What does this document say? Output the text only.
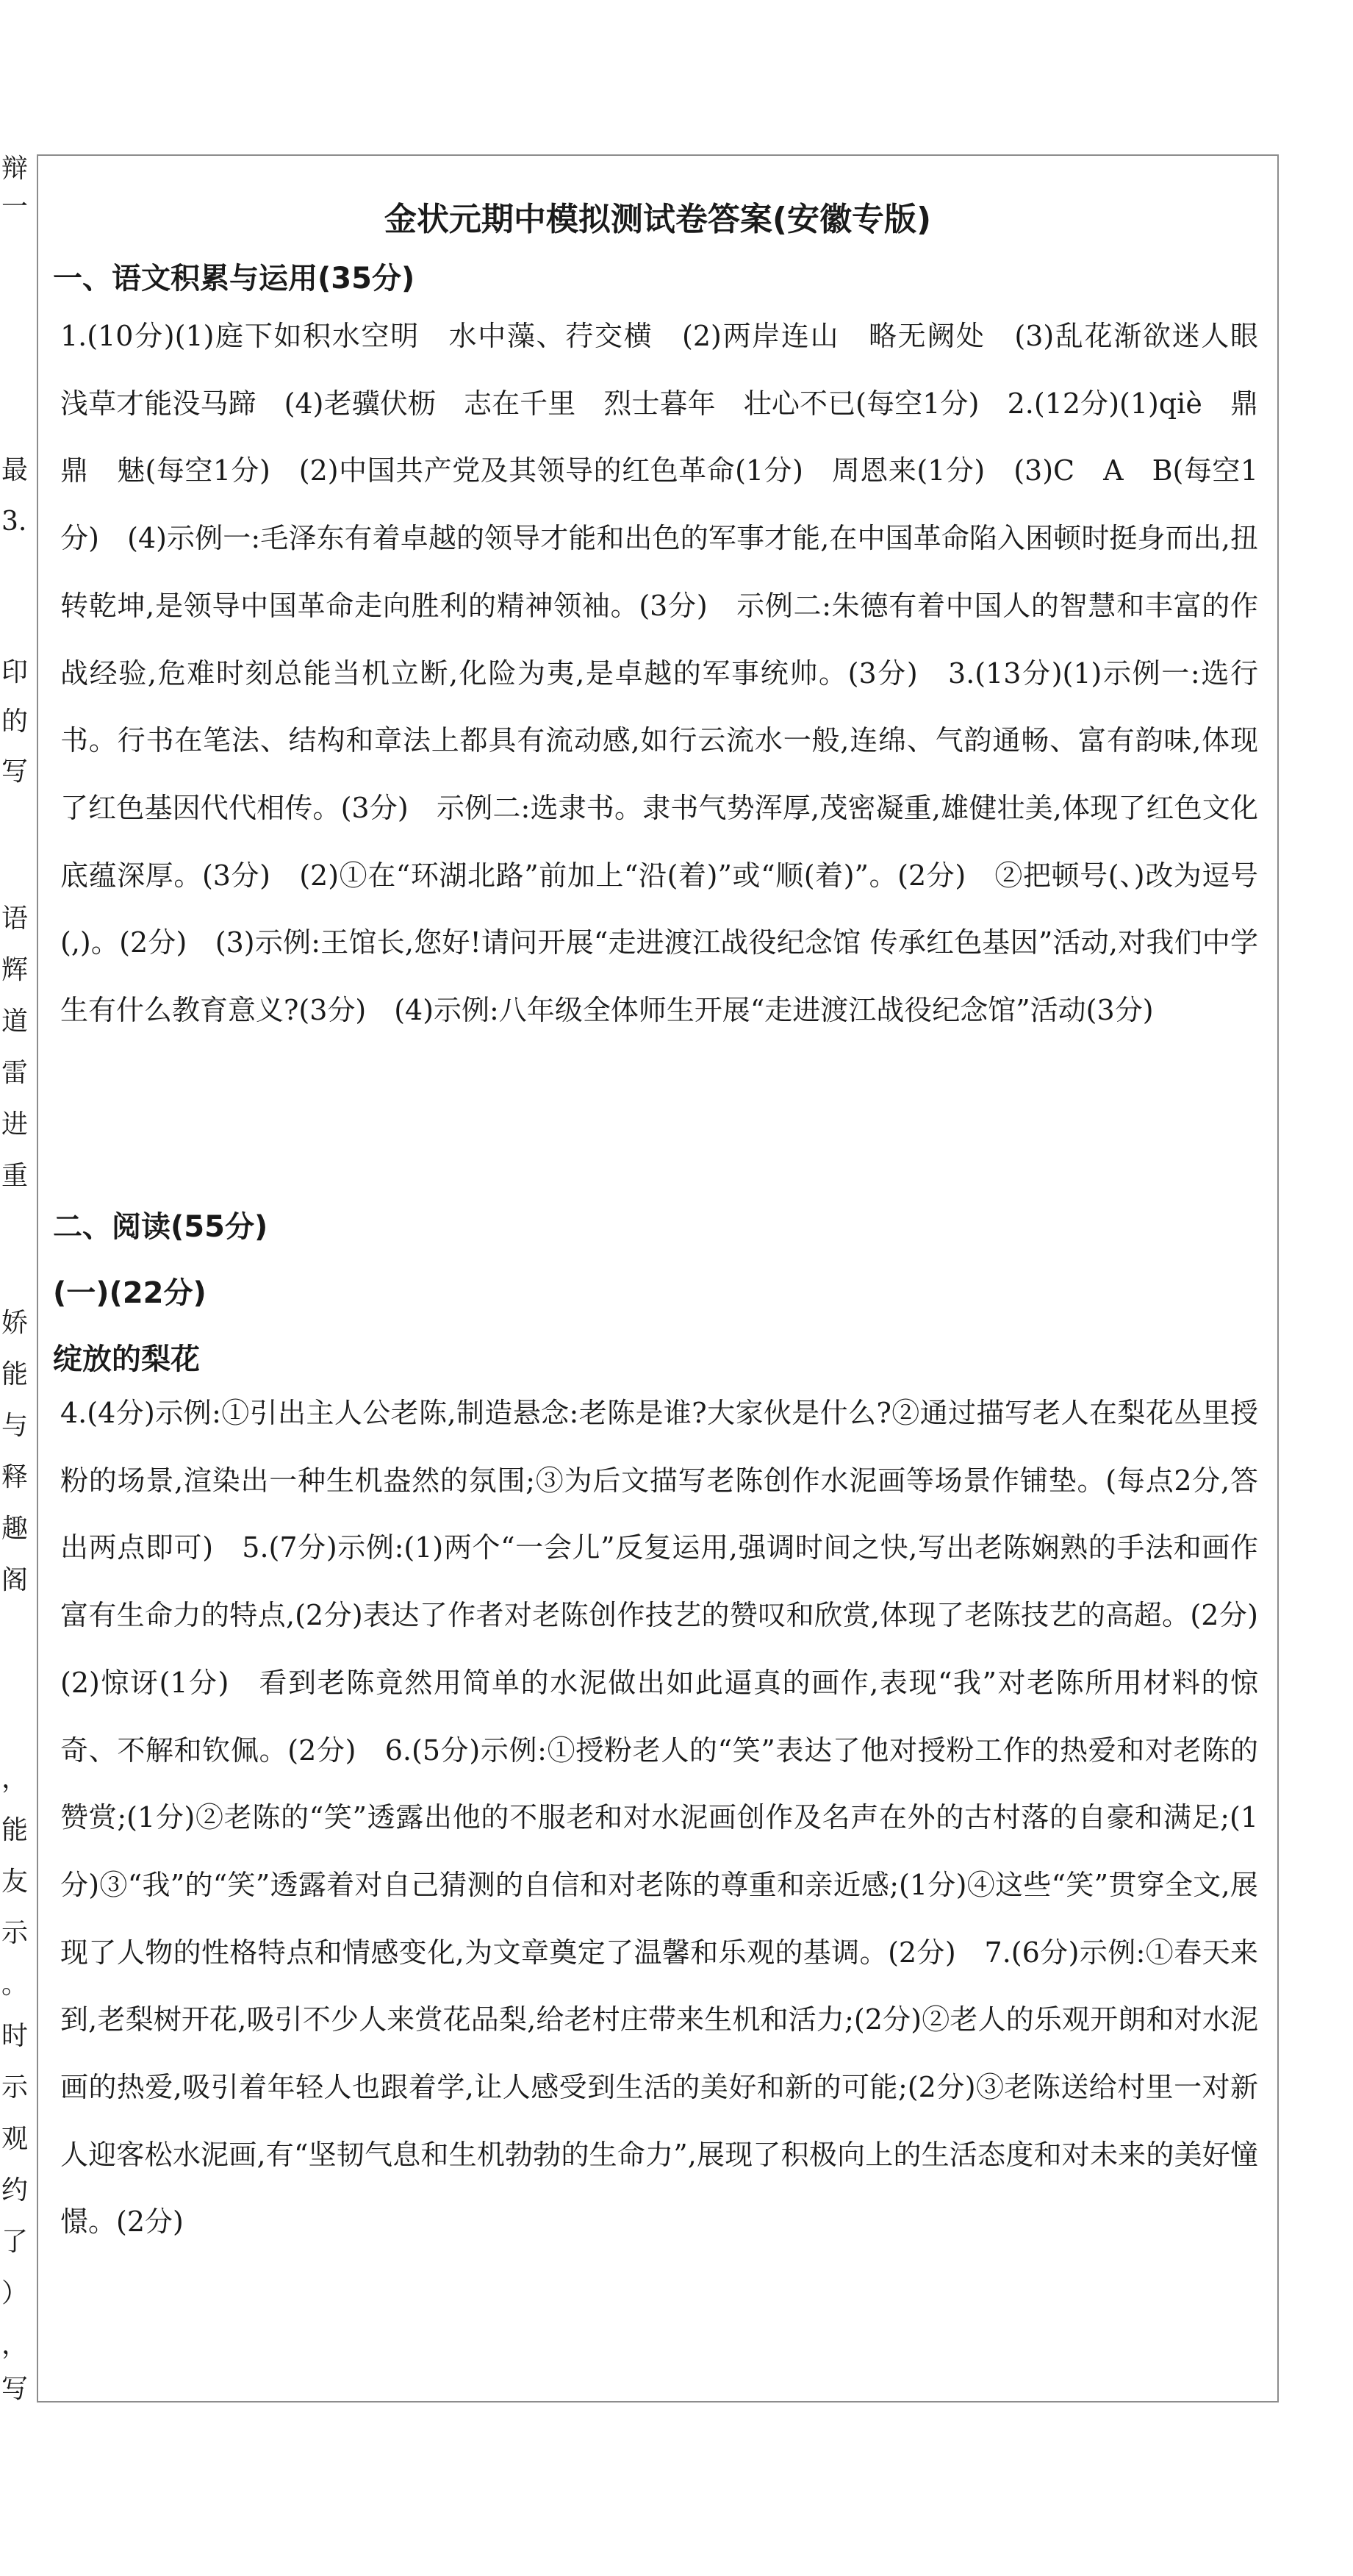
辩
一
最
3.
印
的
写
语
辉
道
雷
进
重
娇
能
与
释
趣
阁
，
能
友
示
。
时
示
观
约
了
）
，
写
金状元期中模拟测试卷答案(安徽专版)
一、语文积累与运用(35分)

1.(10分)(1)庭下如积水空明　水中藻、荇交横　(2)两岸连山　略无阙处　(3)乱花渐欲迷人眼　浅草才能没马蹄　(4)老骥伏枥　志在千里　烈士暮年　壮心不已(每空1分)　2.(12分)(1)qiè　鼎　鼎　魅(每空1分)　(2)中国共产党及其领导的红色革命(1分)　周恩来(1分)　(3)C　A　B(每空1分)　(4)示例一:毛泽东有着卓越的领导才能和出色的军事才能,在中国革命陷入困顿时挺身而出,扭转乾坤,是领导中国革命走向胜利的精神领袖。(3分)　示例二:朱德有着中国人的智慧和丰富的作战经验,危难时刻总能当机立断,化险为夷,是卓越的军事统帅。(3分)　3.(13分)(1)示例一:选行书。行书在笔法、结构和章法上都具有流动感,如行云流水一般,连绵、气韵通畅、富有韵味,体现了红色基因代代相传。(3分)　示例二:选隶书。隶书气势浑厚,茂密凝重,雄健壮美,体现了红色文化底蕴深厚。(3分)　(2)①在“环湖北路”前加上“沿(着)”或“顺(着)”。(2分)　②把顿号(、)改为逗号(,)。(2分)　(3)示例:王馆长,您好!请问开展“走进渡江战役纪念馆 传承红色基因”活动,对我们中学生有什么教育意义?(3分)　(4)示例:八年级全体师生开展“走进渡江战役纪念馆”活动(3分)

二、阅读(55分)
(一)(22分)
绽放的梨花

4.(4分)示例:①引出主人公老陈,制造悬念:老陈是谁?大家伙是什么?②通过描写老人在梨花丛里授粉的场景,渲染出一种生机盎然的氛围;③为后文描写老陈创作水泥画等场景作铺垫。(每点2分,答出两点即可)　5.(7分)示例:(1)两个“一会儿”反复运用,强调时间之快,写出老陈娴熟的手法和画作富有生命力的特点,(2分)表达了作者对老陈创作技艺的赞叹和欣赏,体现了老陈技艺的高超。(2分)　(2)惊讶(1分)　看到老陈竟然用简单的水泥做出如此逼真的画作,表现“我”对老陈所用材料的惊奇、不解和钦佩。(2分)　6.(5分)示例:①授粉老人的“笑”表达了他对授粉工作的热爱和对老陈的赞赏;(1分)②老陈的“笑”透露出他的不服老和对水泥画创作及名声在外的古村落的自豪和满足;(1分)③“我”的“笑”透露着对自己猜测的自信和对老陈的尊重和亲近感;(1分)④这些“笑”贯穿全文,展现了人物的性格特点和情感变化,为文章奠定了温馨和乐观的基调。(2分)　7.(6分)示例:①春天来到,老梨树开花,吸引不少人来赏花品梨,给老村庄带来生机和活力;(2分)②老人的乐观开朗和对水泥画的热爱,吸引着年轻人也跟着学,让人感受到生活的美好和新的可能;(2分)③老陈送给村里一对新人迎客松水泥画,有“坚韧气息和生机勃勃的生命力”,展现了积极向上的生活态度和对未来的美好憧憬。(2分)
